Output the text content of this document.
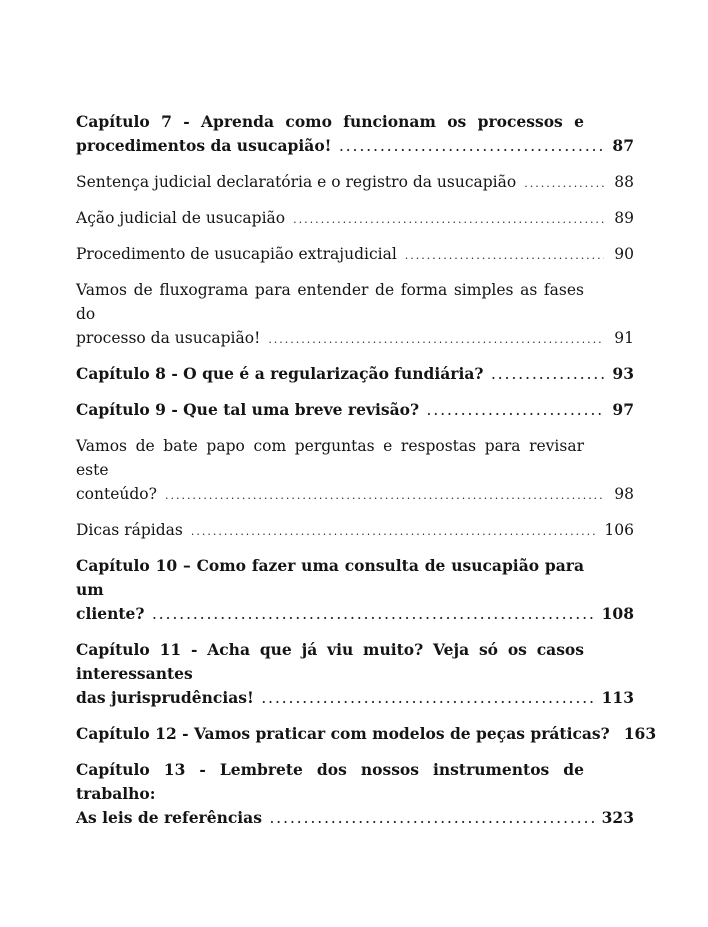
Capítulo 7 - Aprenda como funcionam os processos e
procedimentos da usucapião! .....	87
Sentença judicial declaratória e o registro da usucapião .....	88
Ação judicial de usucapião .....	89
Procedimento de usucapião extrajudicial .....	90
Vamos de fluxograma para entender de forma simples as fases do
processo da usucapião! .....	91
Capítulo 8 - O que é a regularização fundiária? .....	93
Capítulo 9 - Que tal uma breve revisão? .....	97
Vamos de bate papo com perguntas e respostas para revisar este
conteúdo? .....	98
Dicas rápidas .....	106
Capítulo 10 – Como fazer uma consulta de usucapião para um
cliente? .....	108
Capítulo 11 - Acha que já viu muito? Veja só os casos interessantes
das jurisprudências! .....	113
Capítulo 12 - Vamos praticar com modelos de peças práticas? 163
Capítulo 13 - Lembrete dos nossos instrumentos de trabalho:
As leis de referências .....	323
